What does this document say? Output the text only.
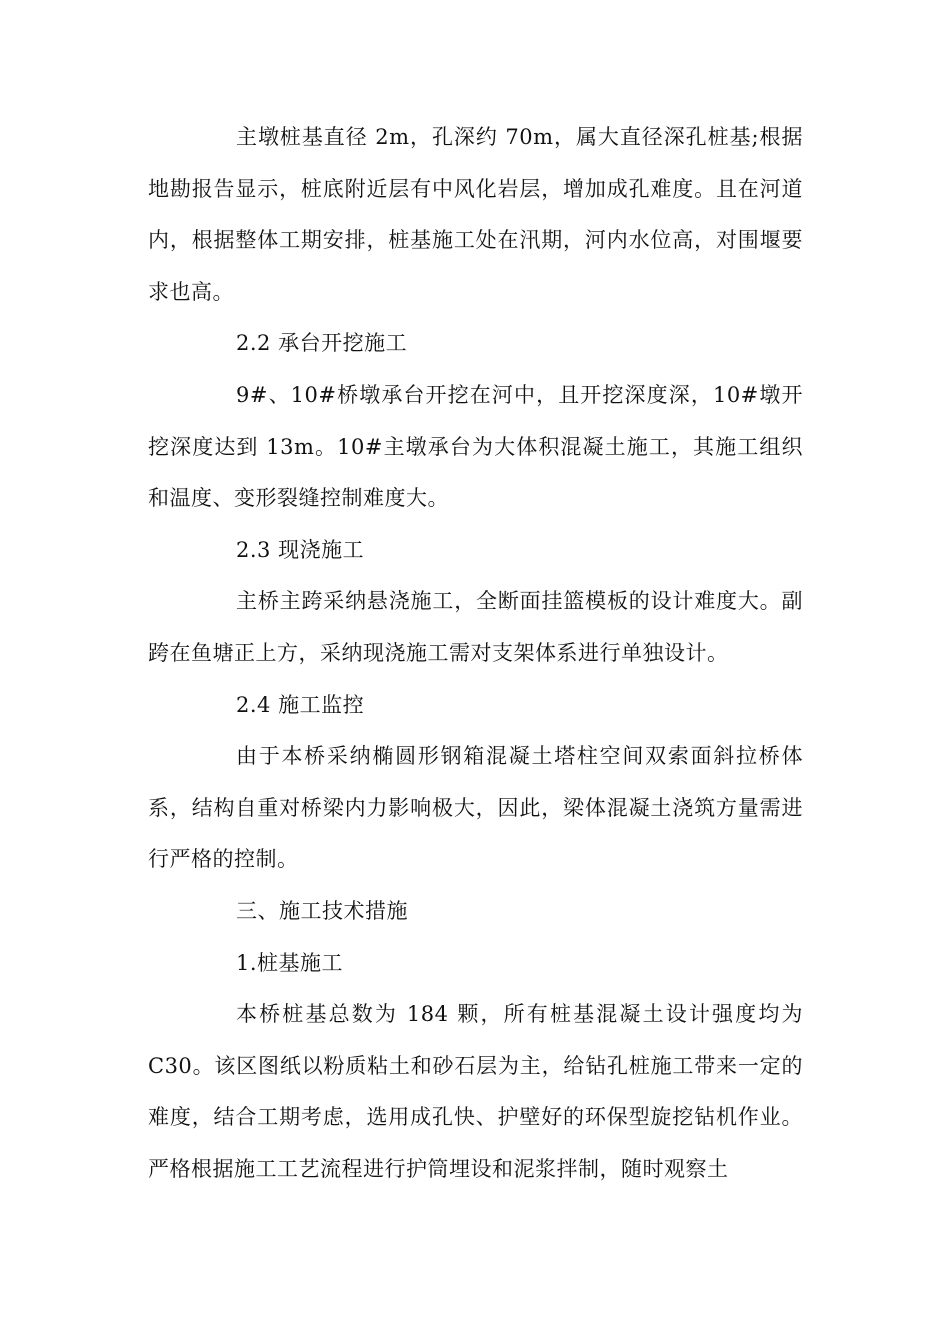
主墩桩基直径 2m，孔深约 70m，属大直径深孔桩基;根据地勘报告显示，桩底附近层有中风化岩层，增加成孔难度。且在河道内，根据整体工期安排，桩基施工处在汛期，河内水位高，对围堰要求也高。

2.2 承台开挖施工

9#、10#桥墩承台开挖在河中，且开挖深度深，10#墩开挖深度达到 13m。10#主墩承台为大体积混凝土施工，其施工组织和温度、变形裂缝控制难度大。

2.3 现浇施工

主桥主跨采纳悬浇施工，全断面挂篮模板的设计难度大。副跨在鱼塘正上方，采纳现浇施工需对支架体系进行单独设计。

2.4 施工监控

由于本桥采纳椭圆形钢箱混凝土塔柱空间双索面斜拉桥体系，结构自重对桥梁内力影响极大，因此，梁体混凝土浇筑方量需进行严格的控制。

三、施工技术措施

1.桩基施工

本桥桩基总数为 184 颗，所有桩基混凝土设计强度均为 C30。该区图纸以粉质粘土和砂石层为主，给钻孔桩施工带来一定的难度，结合工期考虑，选用成孔快、护壁好的环保型旋挖钻机作业。严格根据施工工艺流程进行护筒埋设和泥浆拌制，随时观察土
